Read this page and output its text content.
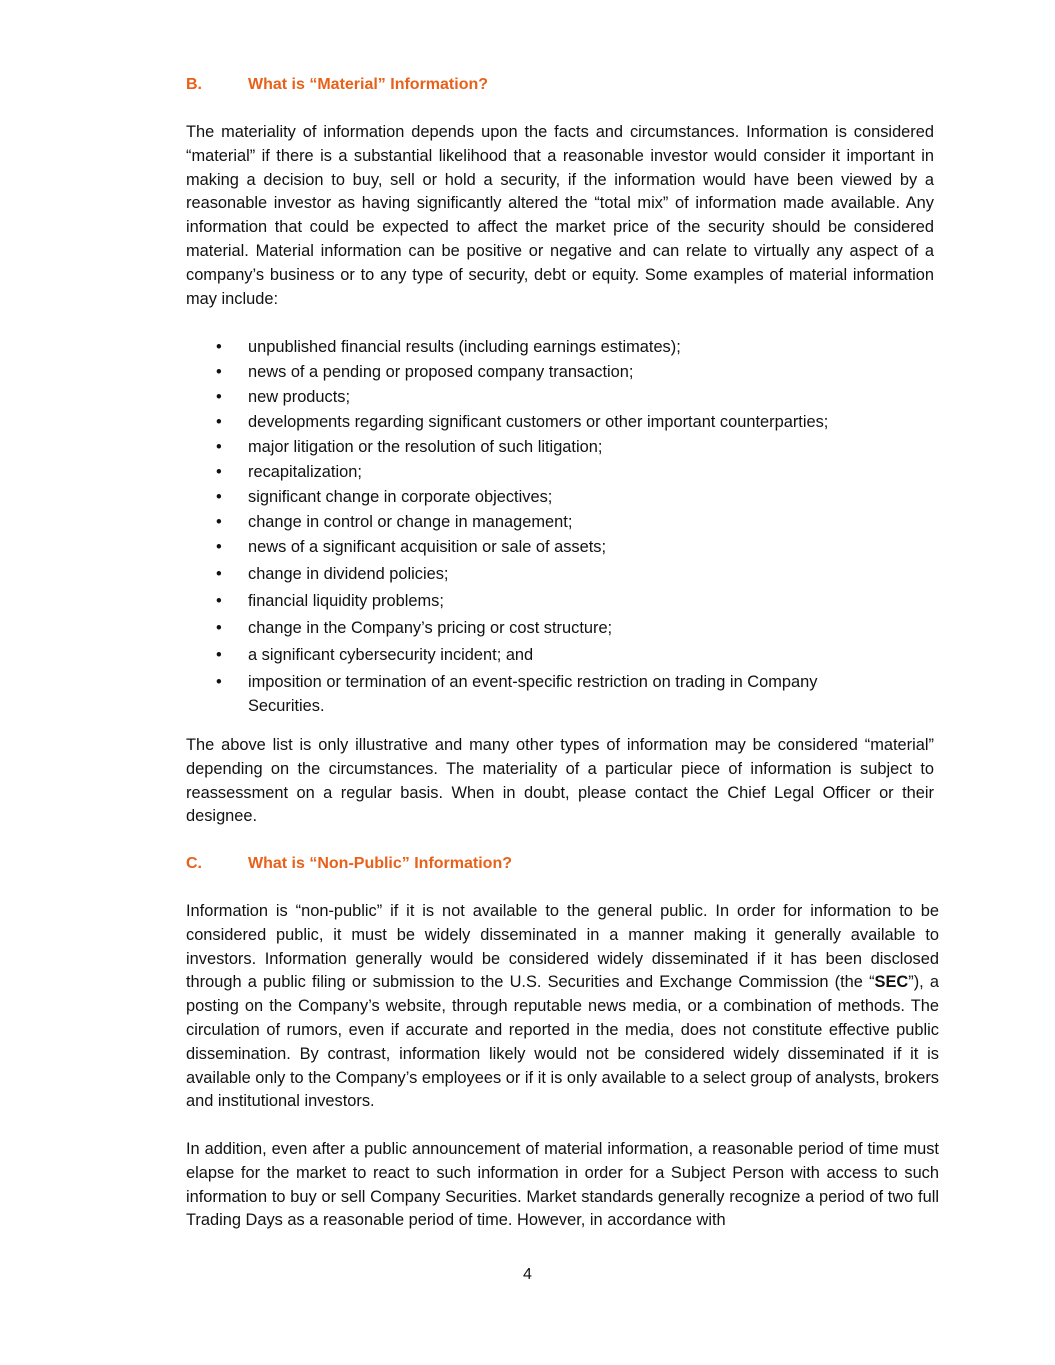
B.	What is “Material” Information?

The materiality of information depends upon the facts and circumstances. Information is considered “material” if there is a substantial likelihood that a reasonable investor would consider it important in making a decision to buy, sell or hold a security, if the information would have been viewed by a reasonable investor as having significantly altered the “total mix” of information made available. Any information that could be expected to affect the market price of the security should be considered material. Material information can be positive or negative and can relate to virtually any aspect of a company’s business or to any type of security, debt or equity. Some examples of material information may include:

• unpublished financial results (including earnings estimates);
• news of a pending or proposed company transaction;
• new products;
• developments regarding significant customers or other important counterparties;
• major litigation or the resolution of such litigation;
• recapitalization;
• significant change in corporate objectives;
• change in control or change in management;
• news of a significant acquisition or sale of assets;
• change in dividend policies;
• financial liquidity problems;
• change in the Company’s pricing or cost structure;
• a significant cybersecurity incident; and
• imposition or termination of an event-specific restriction on trading in Company Securities.

The above list is only illustrative and many other types of information may be considered “material” depending on the circumstances. The materiality of a particular piece of information is subject to reassessment on a regular basis. When in doubt, please contact the Chief Legal Officer or their designee.

C.	What is “Non-Public” Information?

Information is “non-public” if it is not available to the general public. In order for information to be considered public, it must be widely disseminated in a manner making it generally available to investors. Information generally would be considered widely disseminated if it has been disclosed through a public filing or submission to the U.S. Securities and Exchange Commission (the “SEC”), a posting on the Company’s website, through reputable news media, or a combination of methods. The circulation of rumors, even if accurate and reported in the media, does not constitute effective public dissemination. By contrast, information likely would not be considered widely disseminated if it is available only to the Company’s employees or if it is only available to a select group of analysts, brokers and institutional investors.

In addition, even after a public announcement of material information, a reasonable period of time must elapse for the market to react to such information in order for a Subject Person with access to such information to buy or sell Company Securities. Market standards generally recognize a period of two full Trading Days as a reasonable period of time. However, in accordance with

4
